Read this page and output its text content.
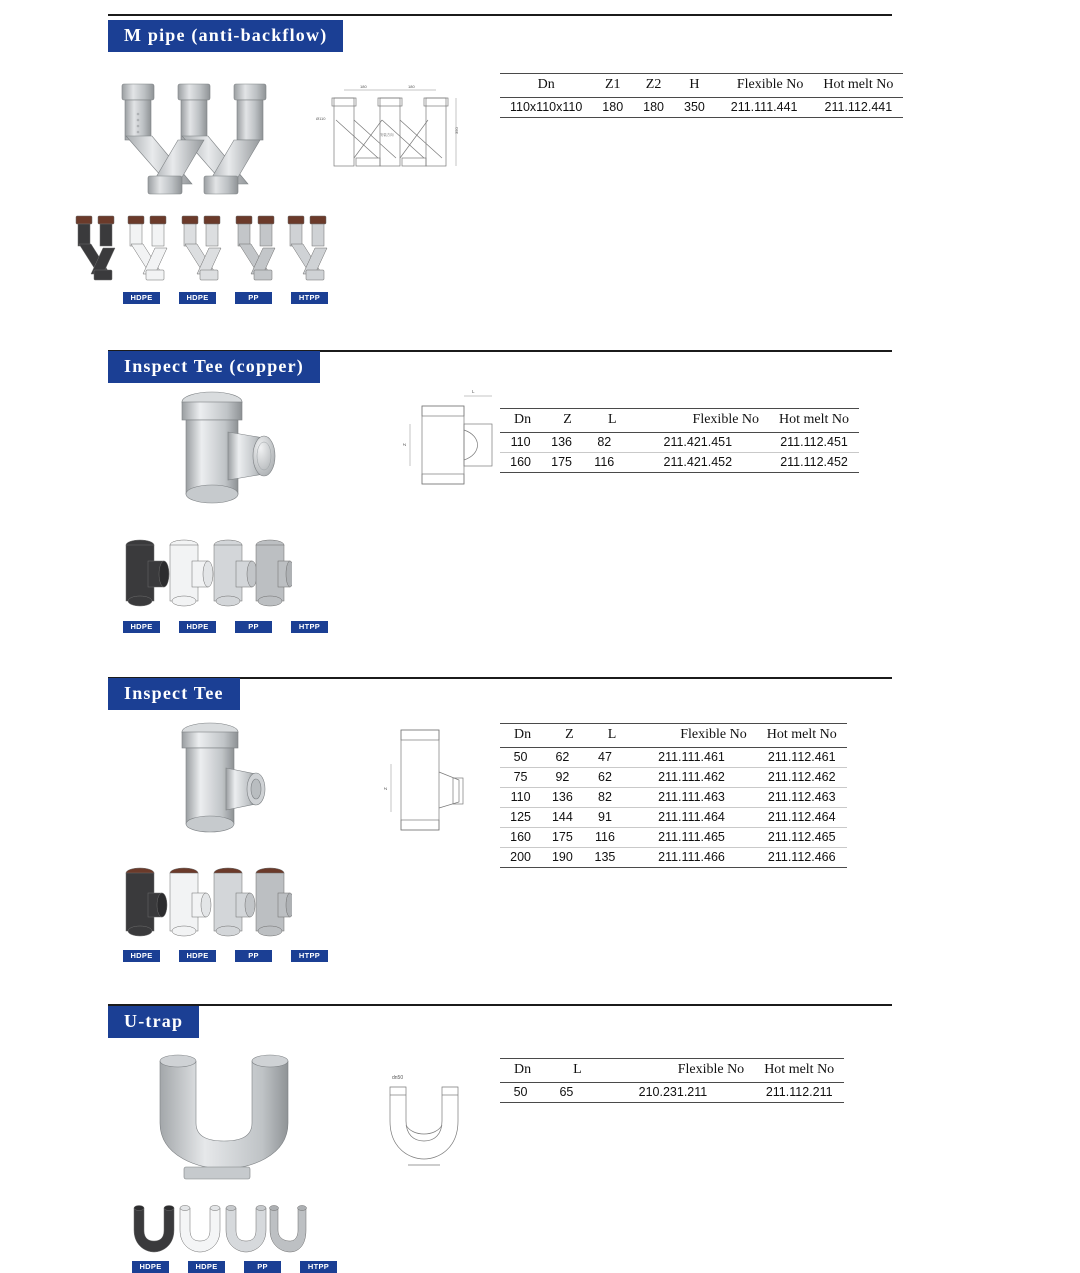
M pipe (anti-backflow)
180	180
350
Ø110
安装方向
Dn	Z1	Z2	H	Flexible No	Hot melt No
110x110x110	180	180	350	211.111.441	211.112.441
HDPE	HDPE	PP	HTPP
Inspect Tee (copper)
L
Z
Dn	Z	L	Flexible No	Hot melt No
110	136	82	211.421.451	211.112.451
160	175	116	211.421.452	211.112.452
HDPE	HDPE	PP	HTPP
Inspect Tee
Z
Dn	Z	L	Flexible No	Hot melt No
50	62	47	211.111.461	211.112.461
75	92	62	211.111.462	211.112.462
110	136	82	211.111.463	211.112.463
125	144	91	211.111.464	211.112.464
160	175	116	211.111.465	211.112.465
200	190	135	211.111.466	211.112.466
HDPE	HDPE	PP	HTPP
U-trap
dn50
Dn	L	Flexible No	Hot melt No
50	65	210.231.211	211.112.211
HDPE	HDPE	PP	HTPP
